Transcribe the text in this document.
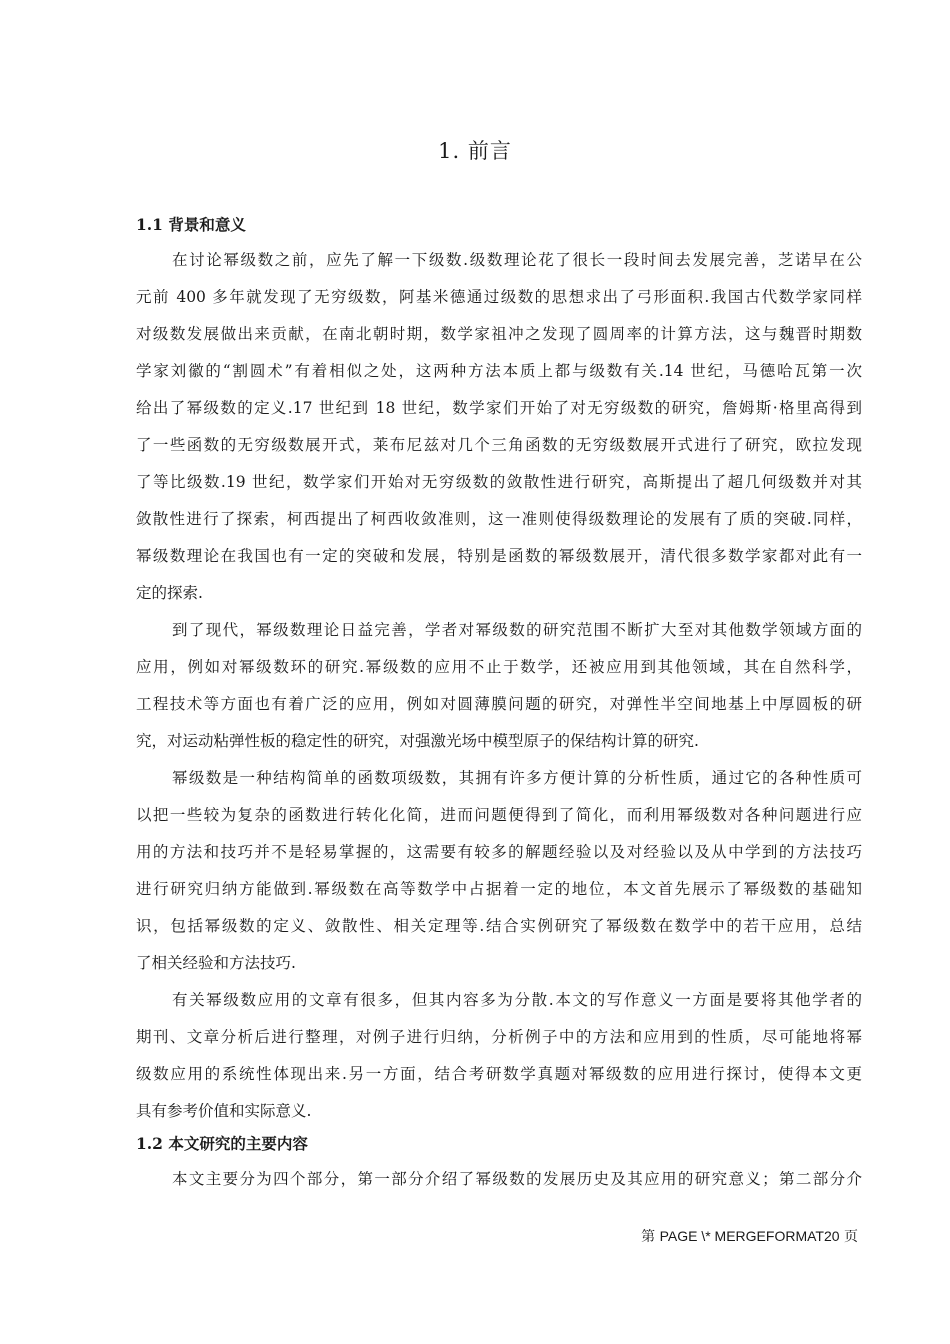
1. 前言
1.1 背景和意义
在讨论幂级数之前，应先了解一下级数.级数理论花了很长一段时间去发展完善，芝诺早在公
元前 400 多年就发现了无穷级数，阿基米德通过级数的思想求出了弓形面积.我国古代数学家同样
对级数发展做出来贡献，在南北朝时期，数学家祖冲之发现了圆周率的计算方法，这与魏晋时期数
学家刘徽的“割圆术”有着相似之处，这两种方法本质上都与级数有关.14 世纪，马德哈瓦第一次
给出了幂级数的定义.17 世纪到 18 世纪，数学家们开始了对无穷级数的研究，詹姆斯·格里高得到
了一些函数的无穷级数展开式，莱布尼兹对几个三角函数的无穷级数展开式进行了研究，欧拉发现
了等比级数.19 世纪，数学家们开始对无穷级数的敛散性进行研究，高斯提出了超几何级数并对其
敛散性进行了探索，柯西提出了柯西收敛准则，这一准则使得级数理论的发展有了质的突破.同样，
幂级数理论在我国也有一定的突破和发展，特别是函数的幂级数展开，清代很多数学家都对此有一
定的探索.
到了现代，幂级数理论日益完善，学者对幂级数的研究范围不断扩大至对其他数学领域方面的
应用，例如对幂级数环的研究.幂级数的应用不止于数学，还被应用到其他领域，其在自然科学，
工程技术等方面也有着广泛的应用，例如对圆薄膜问题的研究，对弹性半空间地基上中厚圆板的研
究，对运动粘弹性板的稳定性的研究，对强激光场中模型原子的保结构计算的研究.
幂级数是一种结构简单的函数项级数，其拥有许多方便计算的分析性质，通过它的各种性质可
以把一些较为复杂的函数进行转化化简，进而问题便得到了简化，而利用幂级数对各种问题进行应
用的方法和技巧并不是轻易掌握的，这需要有较多的解题经验以及对经验以及从中学到的方法技巧
进行研究归纳方能做到.幂级数在高等数学中占据着一定的地位，本文首先展示了幂级数的基础知
识，包括幂级数的定义、敛散性、相关定理等.结合实例研究了幂级数在数学中的若干应用，总结
了相关经验和方法技巧.
有关幂级数应用的文章有很多，但其内容多为分散.本文的写作意义一方面是要将其他学者的
期刊、文章分析后进行整理，对例子进行归纳，分析例子中的方法和应用到的性质，尽可能地将幂
级数应用的系统性体现出来.另一方面，结合考研数学真题对幂级数的应用进行探讨，使得本文更
具有参考价值和实际意义.
1.2 本文研究的主要内容
本文主要分为四个部分，第一部分介绍了幂级数的发展历史及其应用的研究意义；第二部分介
第 PAGE \* MERGEFORMAT20 页
